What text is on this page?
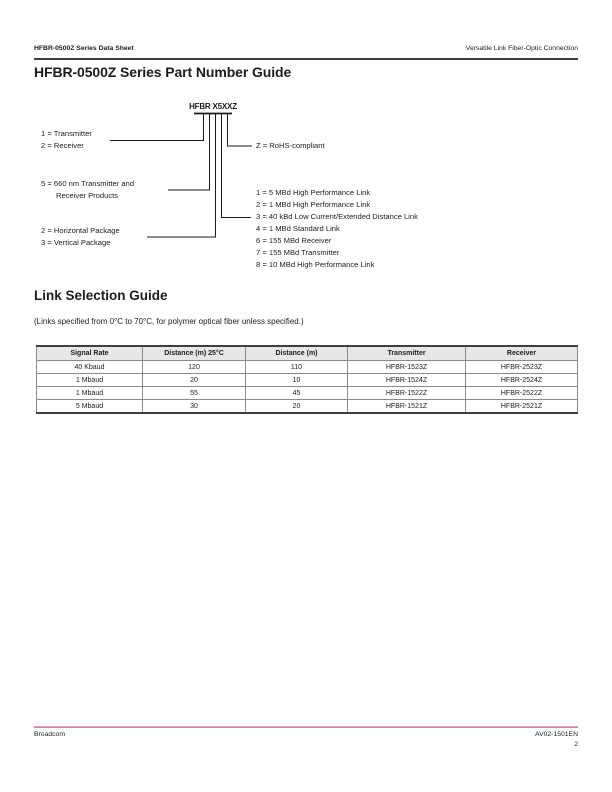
HFBR-0500Z Series Data Sheet	Versatile Link Fiber-Optic Connection
HFBR-0500Z Series Part Number Guide
HFBR X5XXZ
1 = Transmitter
2 = Receiver
5 = 660 nm Transmitter and
Receiver Products
2 = Horizontal Package
3 = Vertical Package
Z = RoHS-compliant
1 = 5 MBd High Performance Link
2 = 1 MBd High Performance Link
3 = 40 kBd Low Current/Extended Distance Link
4 = 1 MBd Standard Link
6 = 155 MBd Receiver
7 = 155 MBd Transmitter
8 = 10 MBd High Performance Link
Link Selection Guide
(Links specified from 0°C to 70°C, for polymer optical fiber unless specified.)
Signal Rate	Distance (m) 25°C	Distance (m)	Transmitter	Receiver
40 Kbaud	120	110	HFBR-1523Z	HFBR-2523Z
1 Mbaud	20	10	HFBR-1524Z	HFBR-2524Z
1 Mbaud	55	45	HFBR-1522Z	HFBR-2522Z
5 Mbaud	30	20	HFBR-1521Z	HFBR-2521Z
Broadcom	AV02-1501EN
2
